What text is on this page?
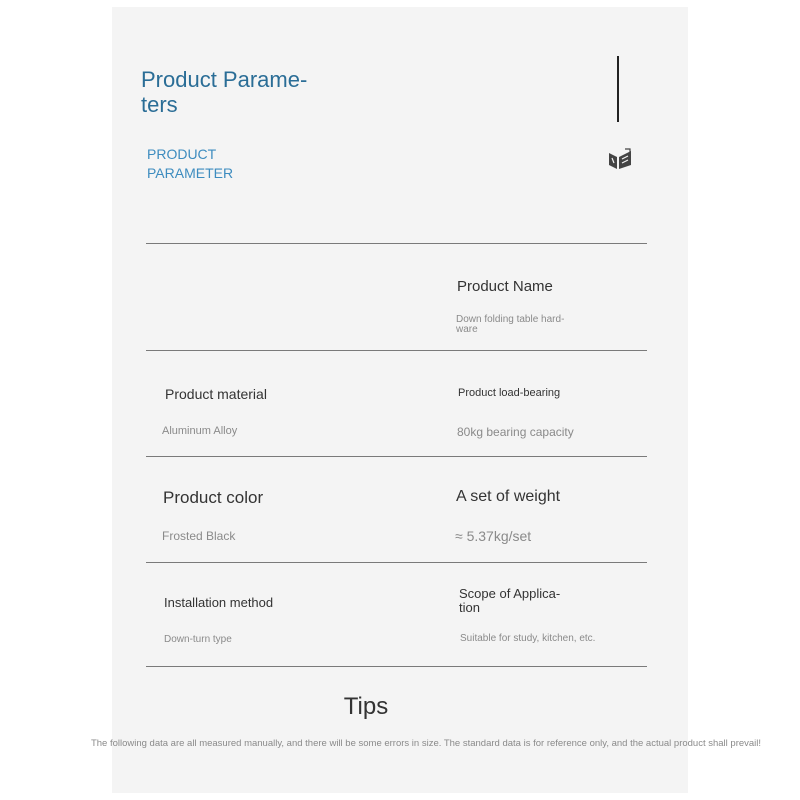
Product Parame-
ters
PRODUCT
PARAMETER
Product Name
Down folding table hard-
ware
Product material
Aluminum Alloy
Product load-bearing
80kg bearing capacity
Product color
Frosted Black
A set of weight
≈ 5.37kg/set
Installation method
Down-turn type
Scope of Applica-
tion
Suitable for study, kitchen, etc.
Tips
The following data are all measured manually, and there will be some errors in size. The standard data is for reference only, and the actual product shall prevail!
